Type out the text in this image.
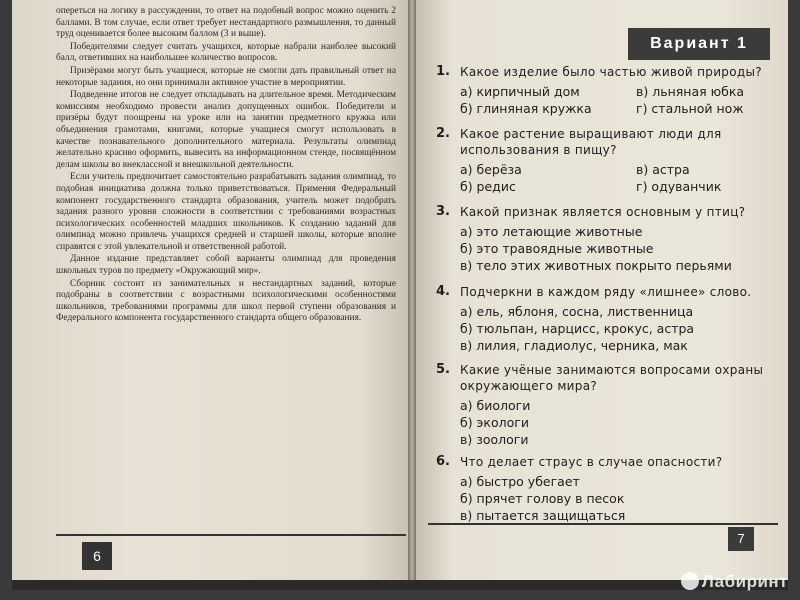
опереться на логику в рассуждении, то ответ на подобный вопрос можно оценить 2 баллами. В том случае, если ответ требует нестандартного размышления, то данный труд оценивается более высоким баллом (3 и выше).

Победителями следует считать учащихся, которые набрали наиболее высокий балл, ответивших на наибольшее количество вопросов.

Призёрами могут быть учащиеся, которые не смогли дать правильный ответ на некоторые задания, но они принимали активное участие в мероприятии.

Подведение итогов не следует откладывать на длительное время. Методическим комиссиям необходимо провести анализ допущенных ошибок. Победители и призёры будут поощрены на уроке или на занятии предметного кружка или объединения грамотами, книгами, которые учащиеся смогут использовать в качестве познавательного дополнительного материала. Результаты олимпиад желательно красиво оформить, вывесить на информационном стенде, посвящённом делам школы во внеклассной и внешкольной деятельности.

Если учитель предпочитает самостоятельно разрабатывать задания олимпиад, то подобная инициатива должна только приветствоваться. Применяя Федеральный компонент государственного стандарта образования, учитель может подобрать задания разного уровня сложности в соответствии с требованиями возрастных психологических особенностей младших школьников. К созданию заданий для олимпиад можно привлечь учащихся средней и старшей школы, которые вполне справятся с этой увлекательной и ответственной работой.

Данное издание представляет собой варианты олимпиад для проведения школьных туров по предмету «Окружающий мир».

Сборник состоит из занимательных и нестандартных заданий, которые подобраны в соответствии с возрастными психологическими особенностями школьников, требованиями программы для школ первой ступени образования и Федерального компонента государственного стандарта общего образования.

6
Вариант 1
1. Какое изделие было частью живой природы?
а) кирпичный дом	в) льняная юбка
б) глиняная кружка	г) стальной нож
2. Какое растение выращивают люди для использования в пищу?
а) берёза	в) астра
б) редис	г) одуванчик
3. Какой признак является основным у птиц?
а) это летающие животные
б) это травоядные животные
в) тело этих животных покрыто перьями
4. Подчеркни в каждом ряду «лишнее» слово.
а) ель, яблоня, сосна, лиственница
б) тюльпан, нарцисс, крокус, астра
в) лилия, гладиолус, черника, мак
5. Какие учёные занимаются вопросами охраны окружающего мира?
а) биологи
б) экологи
в) зоологи
6. Что делает страус в случае опасности?
а) быстро убегает
б) прячет голову в песок
в) пытается защищаться
7
Лабиринт
